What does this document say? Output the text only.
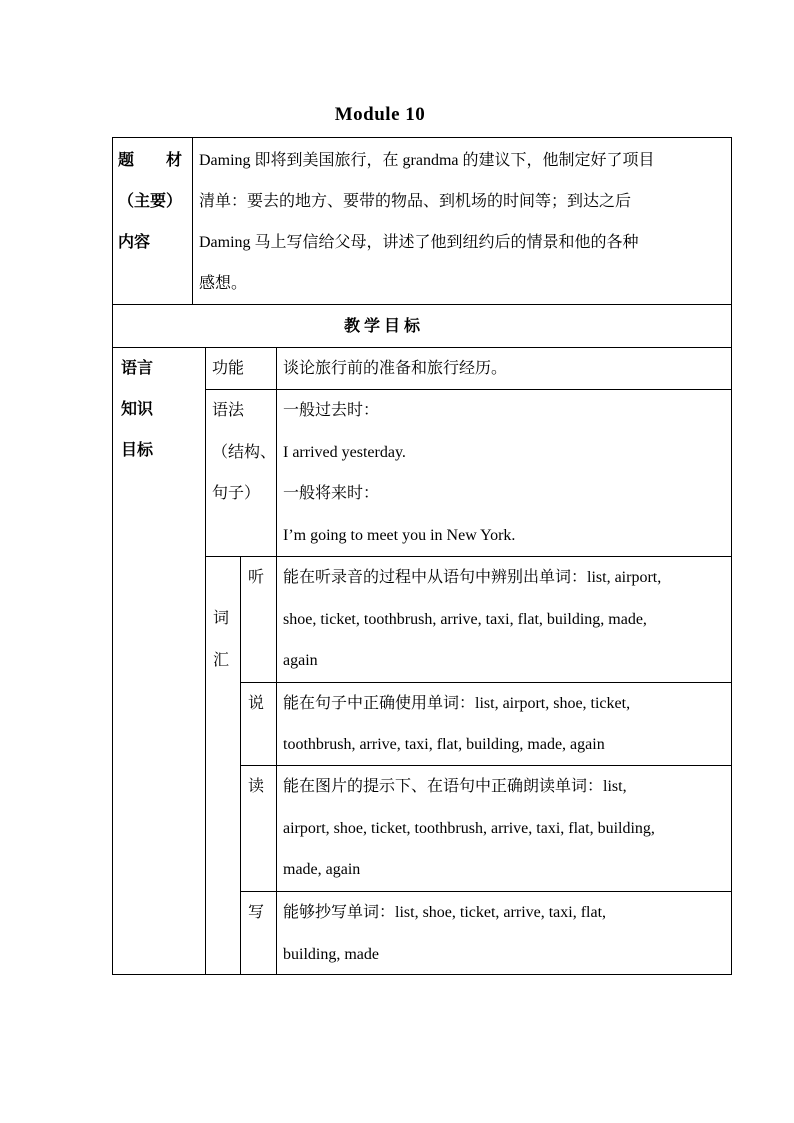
Module 10
题　　材
（主要）
内容
Daming 即将到美国旅行，在 grandma 的建议下，他制定好了项目
清单：要去的地方、要带的物品、到机场的时间等；到达之后
Daming 马上写信给父母，讲述了他到纽约后的情景和他的各种
感想。
教 学 目 标
语言
知识
目标
功能 谈论旅行前的准备和旅行经历。
语法
（结构、
句子）
一般过去时：
I arrived yesterday.
一般将来时：
I’m going to meet you in New York.
词
汇
听 能在听录音的过程中从语句中辨别出单词：list, airport,
shoe, ticket, toothbrush, arrive, taxi, flat, building, made,
again
说 能在句子中正确使用单词：list, airport, shoe, ticket,
toothbrush, arrive, taxi, flat, building, made, again
读 能在图片的提示下、在语句中正确朗读单词：list,
airport, shoe, ticket, toothbrush, arrive, taxi, flat, building,
made, again
写 能够抄写单词：list, shoe, ticket, arrive, taxi, flat,
building, made
